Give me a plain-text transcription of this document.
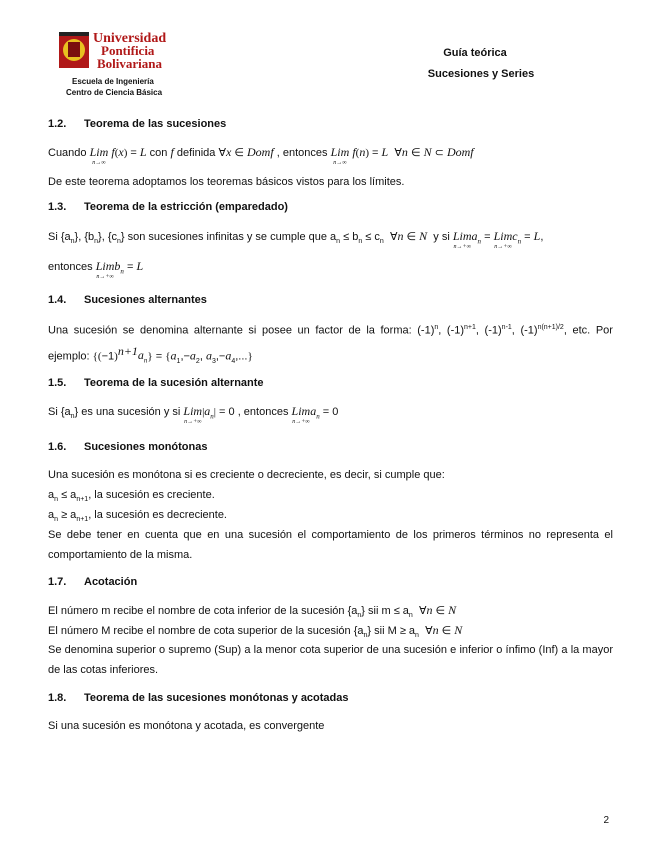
Universidad
Pontificia
Bolivariana
Escuela de Ingeniería
Centro de Ciencia Básica
Guía teórica
Sucesiones y Series
1.2. Teorema de las sucesiones
Cuando Lim
n→∞
f(x) = L con f definida ∀x ∈ Domf , entonces Lim
n→∞
f(n) = L ∀n ∈ N ⊂ Domf
De este teorema adoptamos los teoremas básicos vistos para los límites.
1.3. Teorema de la estricción (emparedado)
Si $\{a_n\}$, $\{b_n\}$, $\{c_n\}$ son sucesiones infinitas y se cumple que $a_n \le b_n \le c_n$ ∀n ∈ N  y si Lim
n→+∞
$a_n$ = Lim
n→+∞
$c_n = L$,
entonces Lim
n→+∞
$b_n = L$
1.4. Sucesiones alternantes
Una sucesión se denomina alternante si posee un factor de la forma: $(-1)^n$, $(-1)^{n+1}$, $(-1)^{n-1}$, $(-1)^{n(n+1)/2}$, etc. Por ejemplo: $\{(-1)^{n+1}a_n\} = \{a_1,-a_2$, $a_3,-a_4$,...}
1.5. Teorema de la sucesión alternante
Si $\{a_n\}$ es una sucesión y si Lim
n→+∞
$|a_n| = 0$ , entonces Lim
n→+∞
$a_n = 0$
1.6. Sucesiones monótonas
Una sucesión es monótona si es creciente o decreciente, es decir, si cumple que:
$a_n \le a_{n+1}$, la sucesión es creciente.
$a_n \ge a_{n+1}$, la sucesión es decreciente.
Se debe tener en cuenta que en una sucesión el comportamiento de los primeros términos no representa el comportamiento de la misma.
1.7. Acotación
El número m recibe el nombre de cota inferior de la sucesión $\{a_n\}$ sii $m \le a_n$ ∀n ∈ N
El número M recibe el nombre de cota superior de la sucesión $\{a_n\}$ sii $M \ge a_n$ ∀n ∈ N
Se denomina superior o supremo (Sup) a la menor cota superior de una sucesión e inferior o ínfimo (Inf) a la mayor de las cotas inferiores.
1.8. Teorema de las sucesiones monótonas y acotadas
Si una sucesión es monótona y acotada, es convergente
2
